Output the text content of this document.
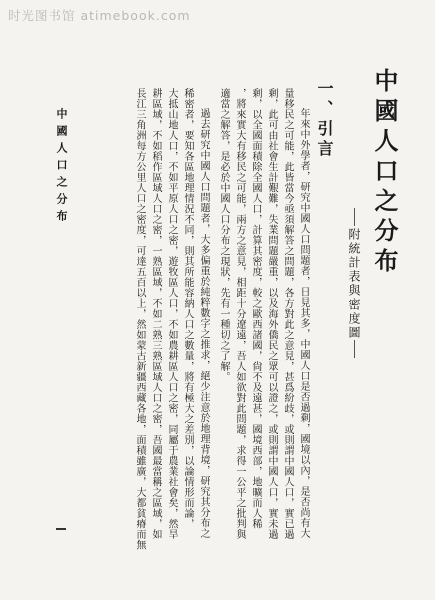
时光图书馆 atimebook.com
中國人口之分布
附統計表與密度圖
一、引言
年來中外學者，研究中國人口問題者，日見其多，中國人口是否過剩，國境以內，是否尚有大
量移民之可能，此皆當今亟須解答之問題，各方對此之意見，甚爲紛歧，或則謂中國人口，實已過
剩，此可由社會生計艱難，失業問題嚴重，以及海外僑民之眾可以證之，或則謂中國人口，實未過
剩，以全國面積除全國人口，計算其密度，較之歐西諸國，尙不及遠甚，國境西部，地曠而人稀
，將來實大有移民之可能，兩方之意見，相距十分遼遠，吾人如欲對此問題，求得一公平之批判與
適當之解答，是必於中國人口分布之現狀，先有一種切之了解。
過去研究中國人口問題者，大多偏重於純粹數字之推求，絕少注意於地理背境，研究其分布之
稀密者，要知各區地理情況不同，則其所能容納人口之數量，將有極大之差別，以論情形而論，
大抵山地人口，不如平原人口之密，遊牧區人口，不如農耕區人口之密，同屬于農業社會矣，然旱
耕區域，不如稻作區域人口之密，一熟區域，不如二熟三熟區域人口之密，吾國最當稱之區域，如
長江三角洲每方公里人口之密度，可達五百以上，然如蒙古新疆西藏各地，面積雖廣，大都貧瘠而無
中國人口之分布
